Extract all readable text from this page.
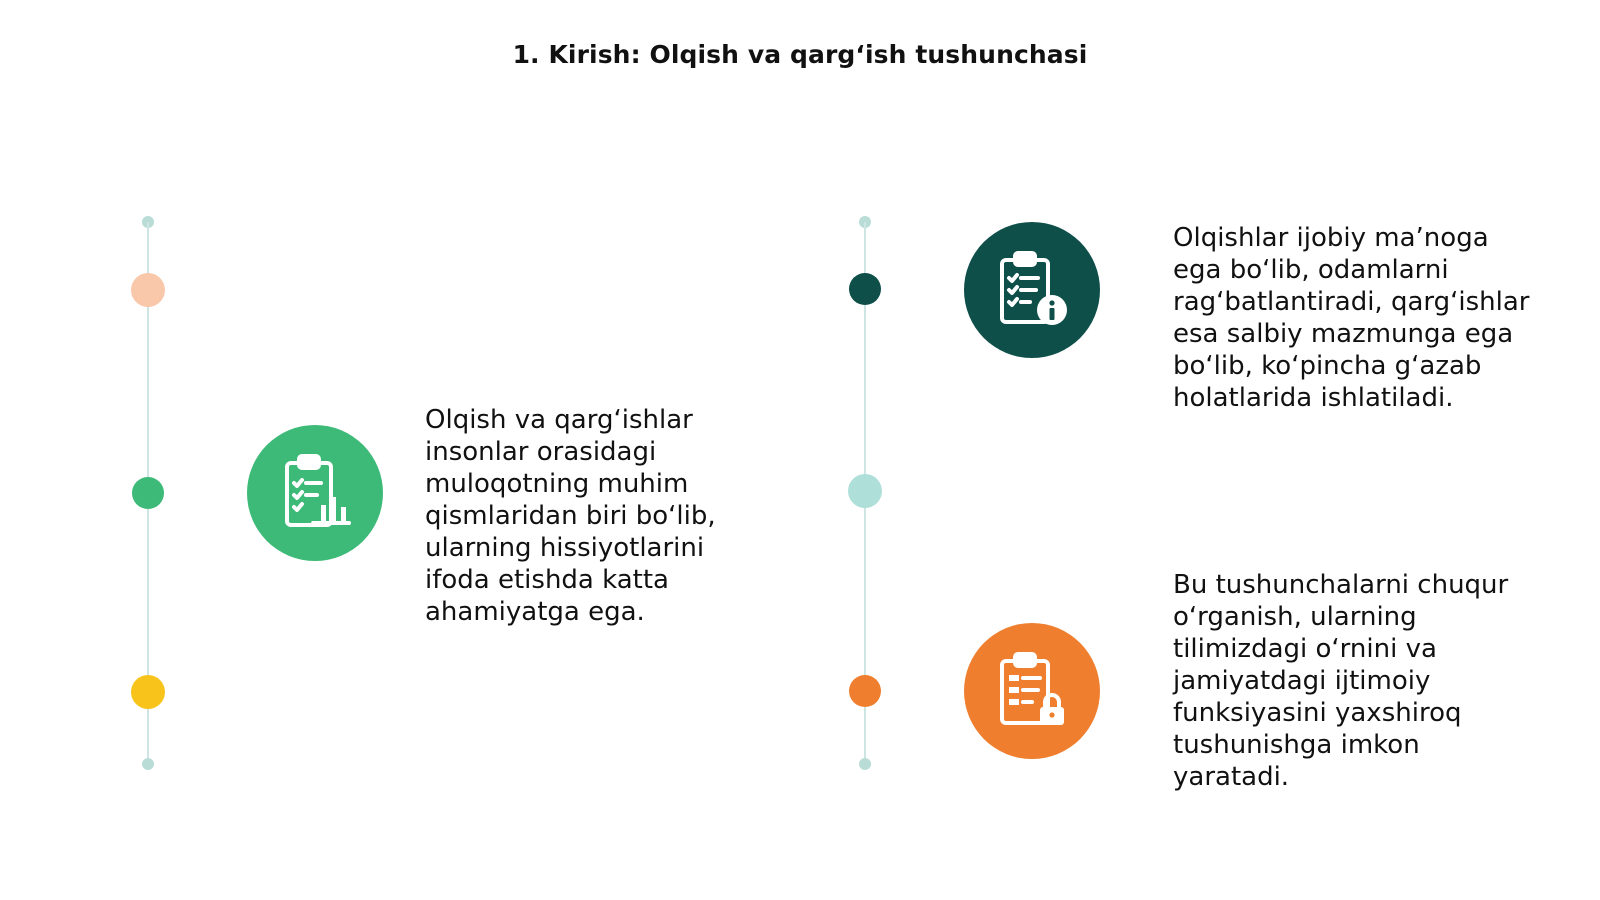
1. Kirish: Olqish va qarg‘ish tushunchasi

Olqish va qarg‘ishlar insonlar orasidagi muloqotning muhim qismlaridan biri bo‘lib, ularning hissiyotlarini ifoda etishda katta ahamiyatga ega.

Olqishlar ijobiy ma’noga ega bo‘lib, odamlarni rag‘batlantiradi, qarg‘ishlar esa salbiy mazmunga ega bo‘lib, ko‘pincha g‘azab holatlarida ishlatiladi.

Bu tushunchalarni chuqur o‘rganish, ularning tilimizdagi o‘rnini va jamiyatdagi ijtimoiy funksiyasini yaxshiroq tushunishga imkon yaratadi.
